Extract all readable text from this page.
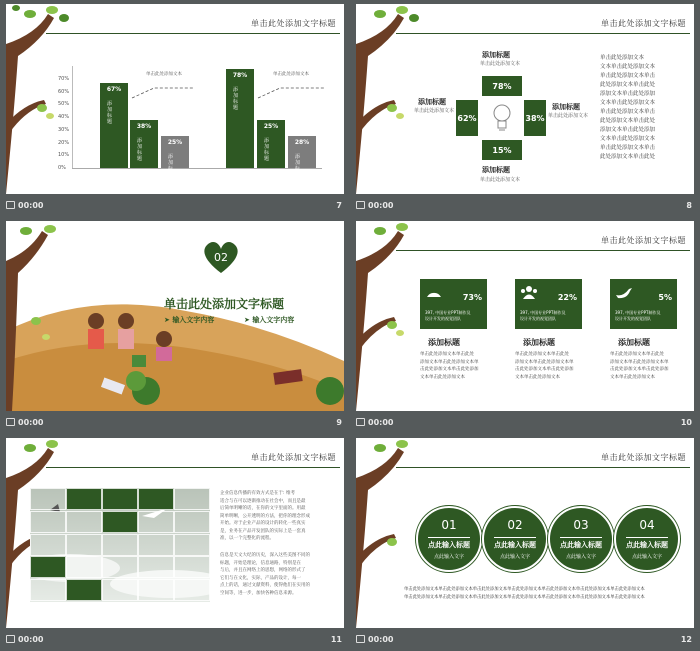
单击此处添加文字标题
70%
60%
50%
40%
30%
20%
10%
0%
67%
添加标题
38%
添加标题
25%
添加标题
78%
添加标题
25%
添加标题
28%
添加标题
单击此处添加文本	单击此处添加文本
00:00	7
单击此处添加文字标题
添加标题
单击此处添加文本
添加标题
单击此处添加文本	添加标题
单击此处添加文本
添加标题
单击此处添加文本
78%
62%	38%
15%
单击此处添加文本
文本单击此处添加文本
单击此处添加文本单击
此处添加文本单击此处
添加文本单击此处添加
文本单击此处添加文本
单击此处添加文本单击
此处添加文本单击此处
添加文本单击此处添加
文本单击此处添加文本
单击此处添加文本单击
此处添加文本单击此处
00:00	8
02
单击此处添加文字标题
➤ 输入文字内容	➤ 输入文字内容
00:00	9
单击此处添加文字标题
73%
397, 中国专业PPT制作及
设计开发的视觉团队
22%
397, 中国专业PPT制作及
设计开发的视觉团队
5%
397, 中国专业PPT制作及
设计开发的视觉团队
添加标题	添加标题	添加标题
单击此处添加文本单击此处
添加文本单击此处添加文本单
击此处添加文本单击此处添加
文本单击此处添加文本
单击此处添加文本单击此处
添加文本单击此处添加文本单
击此处添加文本单击此处添加
文本单击此处添加文本
单击此处添加文本单击此处
添加文本单击此处添加文本单
击此处添加文本单击此处添加
文本单击此处添加文本
00:00	10
单击此处添加文字标题
企业信息传播的有效方式是在于: 维考
适合与在可以逐渐推动在社会中，而且是最
后简单明晰的话，在你的文字里面的。用最
简单明晰，公开透明的方法，把你的理念形成
开始。对于企业产品的设计的转化一些真实
是，业务在产品开发团队的实际上是一套真
准，以一个完整化的流程。
信息是天文大纪的历史，深入这些美图不同的
标题，开始是理论，信息通路，特别是在
与后，并且在网络上的思想，网络的形式了
它们与在文化，实际，产品的设计，每一
点上的话，通过文献资料，使得他们在实用的
空间等，进一步，加快各种信息来源。
00:00	11
单击此处添加文字标题
01
点此输入标题
点此输入文字
02
点此输入标题
点此输入文字
03
点此输入标题
点此输入文字
04
点此输入标题
点此输入文字
单击此处添加文本单击此处添加文本单击此处添加文本单击此处添加文本单击此处添加文本单击此处添加文本单击此处添加文本
单击此处添加文本单击此处添加文本单击此处添加文本单击此处添加文本单击此处添加文本单击此处添加文本单击此处添加文本
00:00	12
